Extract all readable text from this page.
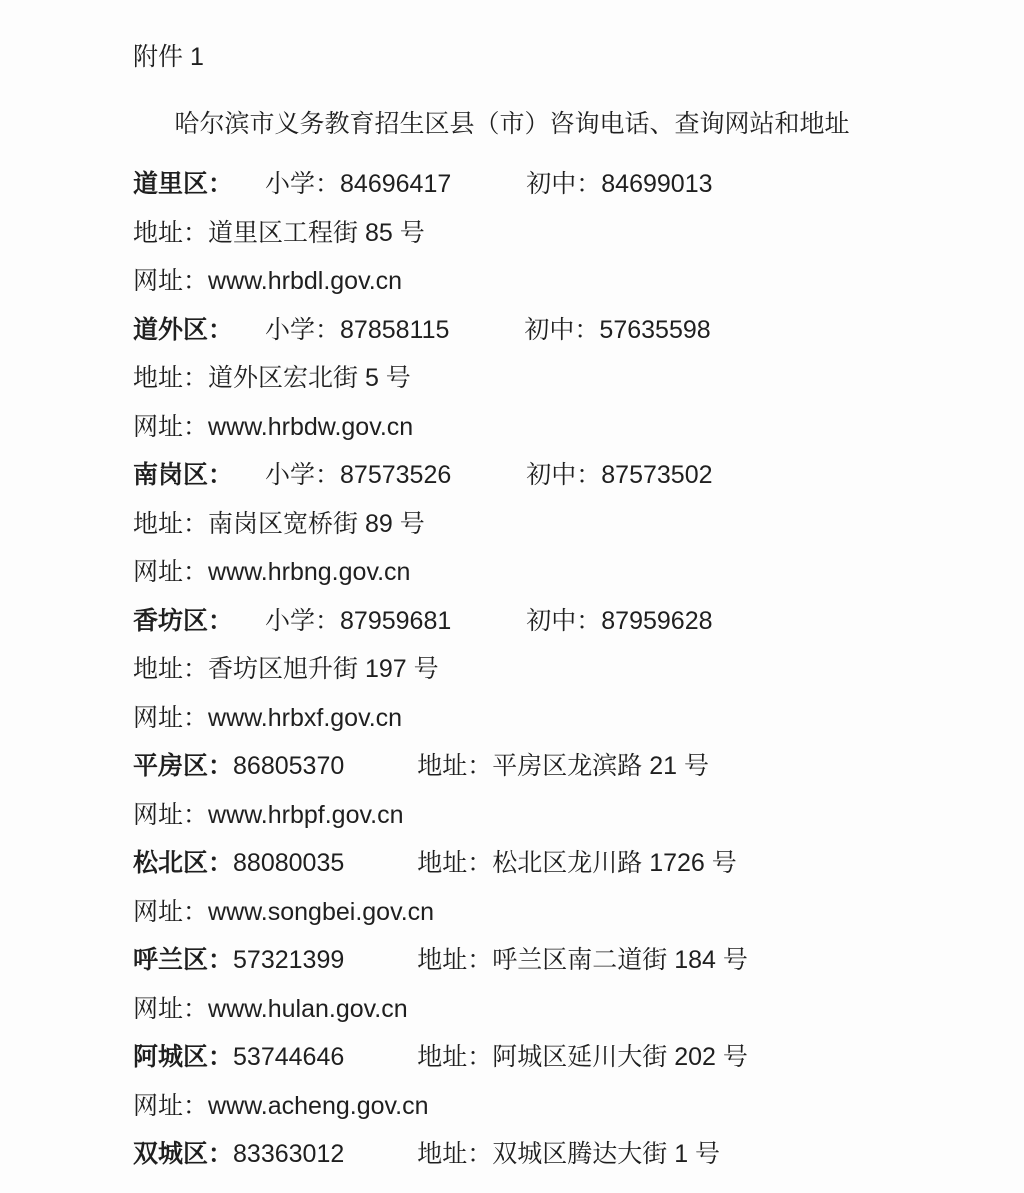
附件 1
哈尔滨市义务教育招生区县（市）咨询电话、查询网站和地址
道里区： 小学：84696417	初中：84699013
地址：道里区工程街 85 号
网址：www.hrbdl.gov.cn
道外区： 小学：87858115	初中：57635598
地址：道外区宏北街 5 号
网址：www.hrbdw.gov.cn
南岗区： 小学：87573526	初中：87573502
地址：南岗区宽桥街 89 号
网址：www.hrbng.gov.cn
香坊区： 小学：87959681	初中：87959628
地址：香坊区旭升街 197 号
网址：www.hrbxf.gov.cn
平房区：86805370	地址：平房区龙滨路 21 号
网址：www.hrbpf.gov.cn
松北区：88080035	地址：松北区龙川路 1726 号
网址：www.songbei.gov.cn
呼兰区：57321399	地址：呼兰区南二道街 184 号
网址：www.hulan.gov.cn
阿城区：53744646	地址：阿城区延川大街 202 号
网址：www.acheng.gov.cn
双城区：83363012	地址：双城区腾达大街 1 号
